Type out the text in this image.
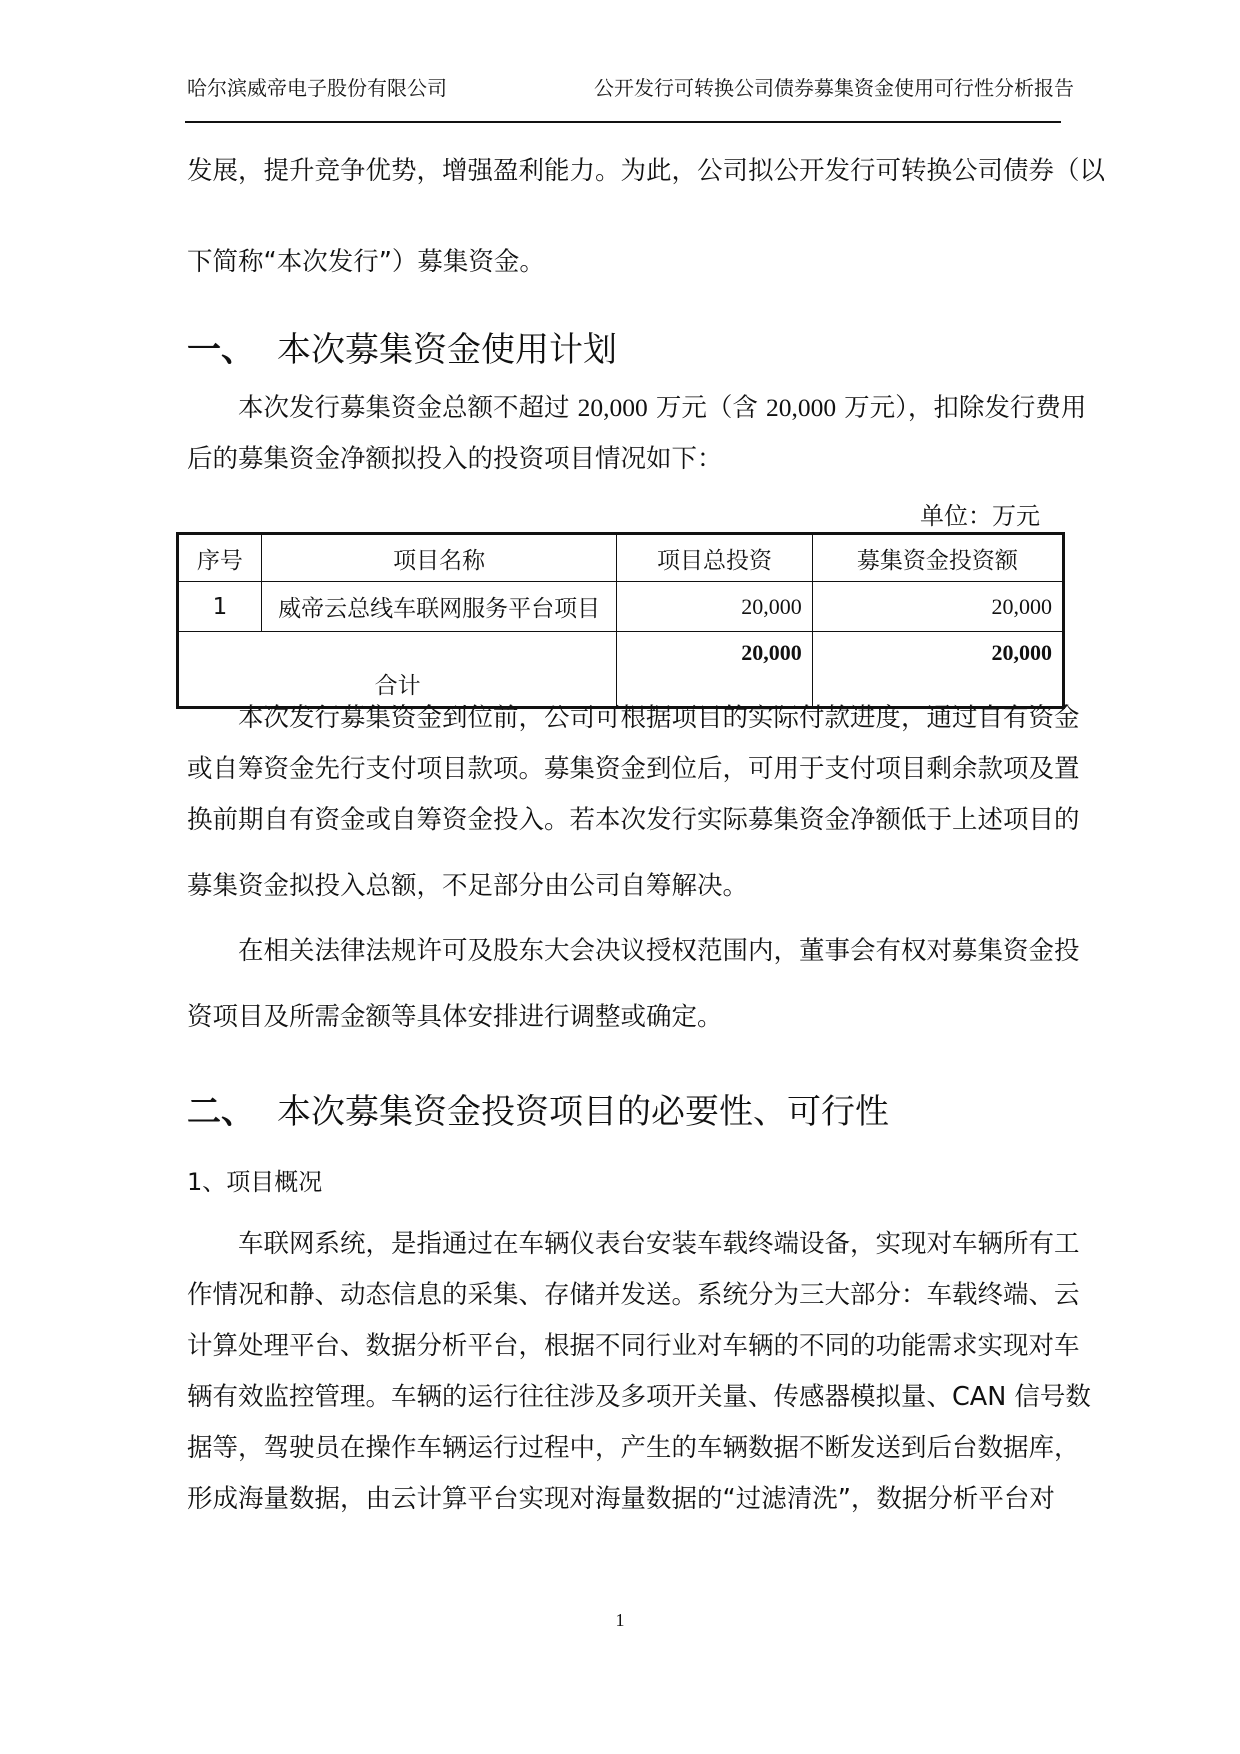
哈尔滨威帝电子股份有限公司	公开发行可转换公司债券募集资金使用可行性分析报告
发展，提升竞争优势，增强盈利能力。为此，公司拟公开发行可转换公司债券（以
下简称“本次发行”）募集资金。
一、 本次募集资金使用计划
本次发行募集资金总额不超过 20,000 万元（含 20,000 万元），扣除发行费用
后的募集资金净额拟投入的投资项目情况如下：
单位：万元
序号	项目名称	项目总投资	募集资金投资额
1	威帝云总线车联网服务平台项目	20,000	20,000
合计		20,000	20,000
本次发行募集资金到位前，公司可根据项目的实际付款进度，通过自有资金
或自筹资金先行支付项目款项。募集资金到位后，可用于支付项目剩余款项及置
换前期自有资金或自筹资金投入。若本次发行实际募集资金净额低于上述项目的
募集资金拟投入总额，不足部分由公司自筹解决。
在相关法律法规许可及股东大会决议授权范围内，董事会有权对募集资金投
资项目及所需金额等具体安排进行调整或确定。
二、 本次募集资金投资项目的必要性、可行性
1、项目概况
车联网系统，是指通过在车辆仪表台安装车载终端设备，实现对车辆所有工
作情况和静、动态信息的采集、存储并发送。系统分为三大部分：车载终端、云
计算处理平台、数据分析平台，根据不同行业对车辆的不同的功能需求实现对车
辆有效监控管理。车辆的运行往往涉及多项开关量、传感器模拟量、CAN 信号数
据等，驾驶员在操作车辆运行过程中，产生的车辆数据不断发送到后台数据库，
形成海量数据，由云计算平台实现对海量数据的“过滤清洗”，数据分析平台对
1
